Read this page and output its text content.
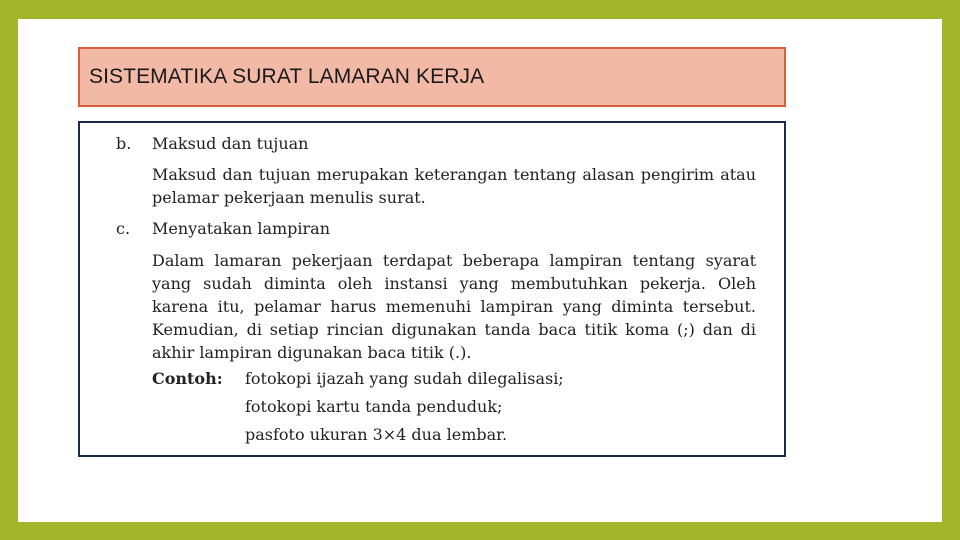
SISTEMATIKA SURAT LAMARAN KERJA
b. Maksud dan tujuan
Maksud dan tujuan merupakan keterangan tentang alasan pengirim atau pelamar pekerjaan menulis surat.
c. Menyatakan lampiran
Dalam lamaran pekerjaan terdapat beberapa lampiran tentang syarat yang sudah diminta oleh instansi yang membutuhkan pekerja. Oleh karena itu, pelamar harus memenuhi lampiran yang diminta tersebut. Kemudian, di setiap rincian digunakan tanda baca titik koma (;) dan di akhir lampiran digunakan baca titik (.).
Contoh: fotokopi ijazah yang sudah dilegalisasi;
fotokopi kartu tanda penduduk;
pasfoto ukuran 3×4 dua lembar.
